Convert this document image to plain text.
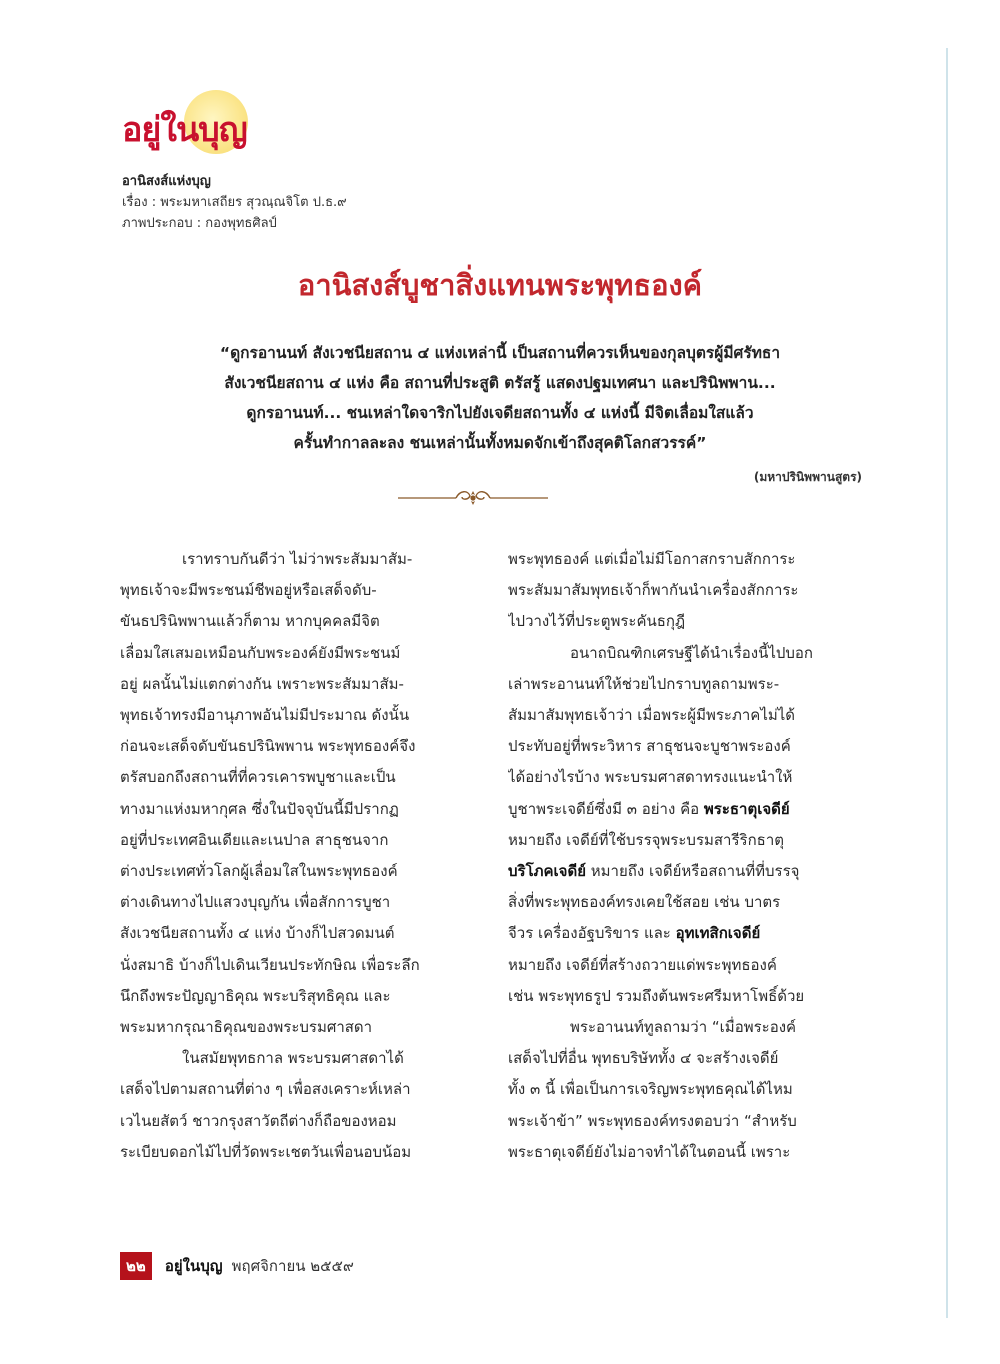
อยู่ในบุญ
อานิสงส์แห่งบุญ
เรื่อง : พระมหาเสถียร สุวณฺณจิโต ป.ธ.๙
ภาพประกอบ : กองพุทธศิลป์
อานิสงส์บูชาสิ่งแทนพระพุทธองค์
“ดูกรอานนท์ สังเวชนียสถาน ๔ แห่งเหล่านี้ เป็นสถานที่ควรเห็นของกุลบุตรผู้มีศรัทธา
สังเวชนียสถาน ๔ แห่ง คือ สถานที่ประสูติ ตรัสรู้ แสดงปฐมเทศนา และปรินิพพาน...
ดูกรอานนท์... ชนเหล่าใดจาริกไปยังเจดียสถานทั้ง ๔ แห่งนี้ มีจิตเลื่อมใสแล้ว
ครั้นทำกาลละลง ชนเหล่านั้นทั้งหมดจักเข้าถึงสุคติโลกสวรรค์”
(มหาปรินิพพานสูตร)
เราทราบกันดีว่า ไม่ว่าพระสัมมาสัม-
พุทธเจ้าจะมีพระชนม์ชีพอยู่หรือเสด็จดับ-
ขันธปรินิพพานแล้วก็ตาม หากบุคคลมีจิต
เลื่อมใสเสมอเหมือนกับพระองค์ยังมีพระชนม์
อยู่ ผลนั้นไม่แตกต่างกัน เพราะพระสัมมาสัม-
พุทธเจ้าทรงมีอานุภาพอันไม่มีประมาณ ดังนั้น
ก่อนจะเสด็จดับขันธปรินิพพาน พระพุทธองค์จึง
ตรัสบอกถึงสถานที่ที่ควรเคารพบูชาและเป็น
ทางมาแห่งมหากุศล ซึ่งในปัจจุบันนี้มีปรากฏ
อยู่ที่ประเทศอินเดียและเนปาล สาธุชนจาก
ต่างประเทศทั่วโลกผู้เลื่อมใสในพระพุทธองค์
ต่างเดินทางไปแสวงบุญกัน เพื่อสักการบูชา
สังเวชนียสถานทั้ง ๔ แห่ง บ้างก็ไปสวดมนต์
นั่งสมาธิ บ้างก็ไปเดินเวียนประทักษิณ เพื่อระลึก
นึกถึงพระปัญญาธิคุณ พระบริสุทธิคุณ และ
พระมหากรุณาธิคุณของพระบรมศาสดา
ในสมัยพุทธกาล พระบรมศาสดาได้
เสด็จไปตามสถานที่ต่าง ๆ เพื่อสงเคราะห์เหล่า
เวไนยสัตว์ ชาวกรุงสาวัตถีต่างก็ถือของหอม
ระเบียบดอกไม้ไปที่วัดพระเชตวันเพื่อนอบน้อม
พระพุทธองค์ แต่เมื่อไม่มีโอกาสกราบสักการะ
พระสัมมาสัมพุทธเจ้าก็พากันนำเครื่องสักการะ
ไปวางไว้ที่ประตูพระคันธกุฎี
อนาถบิณฑิกเศรษฐีได้นำเรื่องนี้ไปบอก
เล่าพระอานนท์ให้ช่วยไปกราบทูลถามพระ-
สัมมาสัมพุทธเจ้าว่า เมื่อพระผู้มีพระภาคไม่ได้
ประทับอยู่ที่พระวิหาร สาธุชนจะบูชาพระองค์
ได้อย่างไรบ้าง พระบรมศาสดาทรงแนะนำให้
บูชาพระเจดีย์ซึ่งมี ๓ อย่าง คือ พระธาตุเจดีย์
หมายถึง เจดีย์ที่ใช้บรรจุพระบรมสารีริกธาตุ
บริโภคเจดีย์ หมายถึง เจดีย์หรือสถานที่ที่บรรจุ
สิ่งที่พระพุทธองค์ทรงเคยใช้สอย เช่น บาตร
จีวร เครื่องอัฐบริขาร และ อุทเทสิกเจดีย์
หมายถึง เจดีย์ที่สร้างถวายแด่พระพุทธองค์
เช่น พระพุทธรูป รวมถึงต้นพระศรีมหาโพธิ์ด้วย
พระอานนท์ทูลถามว่า “เมื่อพระองค์
เสด็จไปที่อื่น พุทธบริษัททั้ง ๔ จะสร้างเจดีย์
ทั้ง ๓ นี้ เพื่อเป็นการเจริญพระพุทธคุณได้ไหม
พระเจ้าข้า” พระพุทธองค์ทรงตอบว่า “สำหรับ
พระธาตุเจดีย์ยังไม่อาจทำได้ในตอนนี้ เพราะ
๒๒ อยู่ในบุญ พฤศจิกายน ๒๕๕๙
